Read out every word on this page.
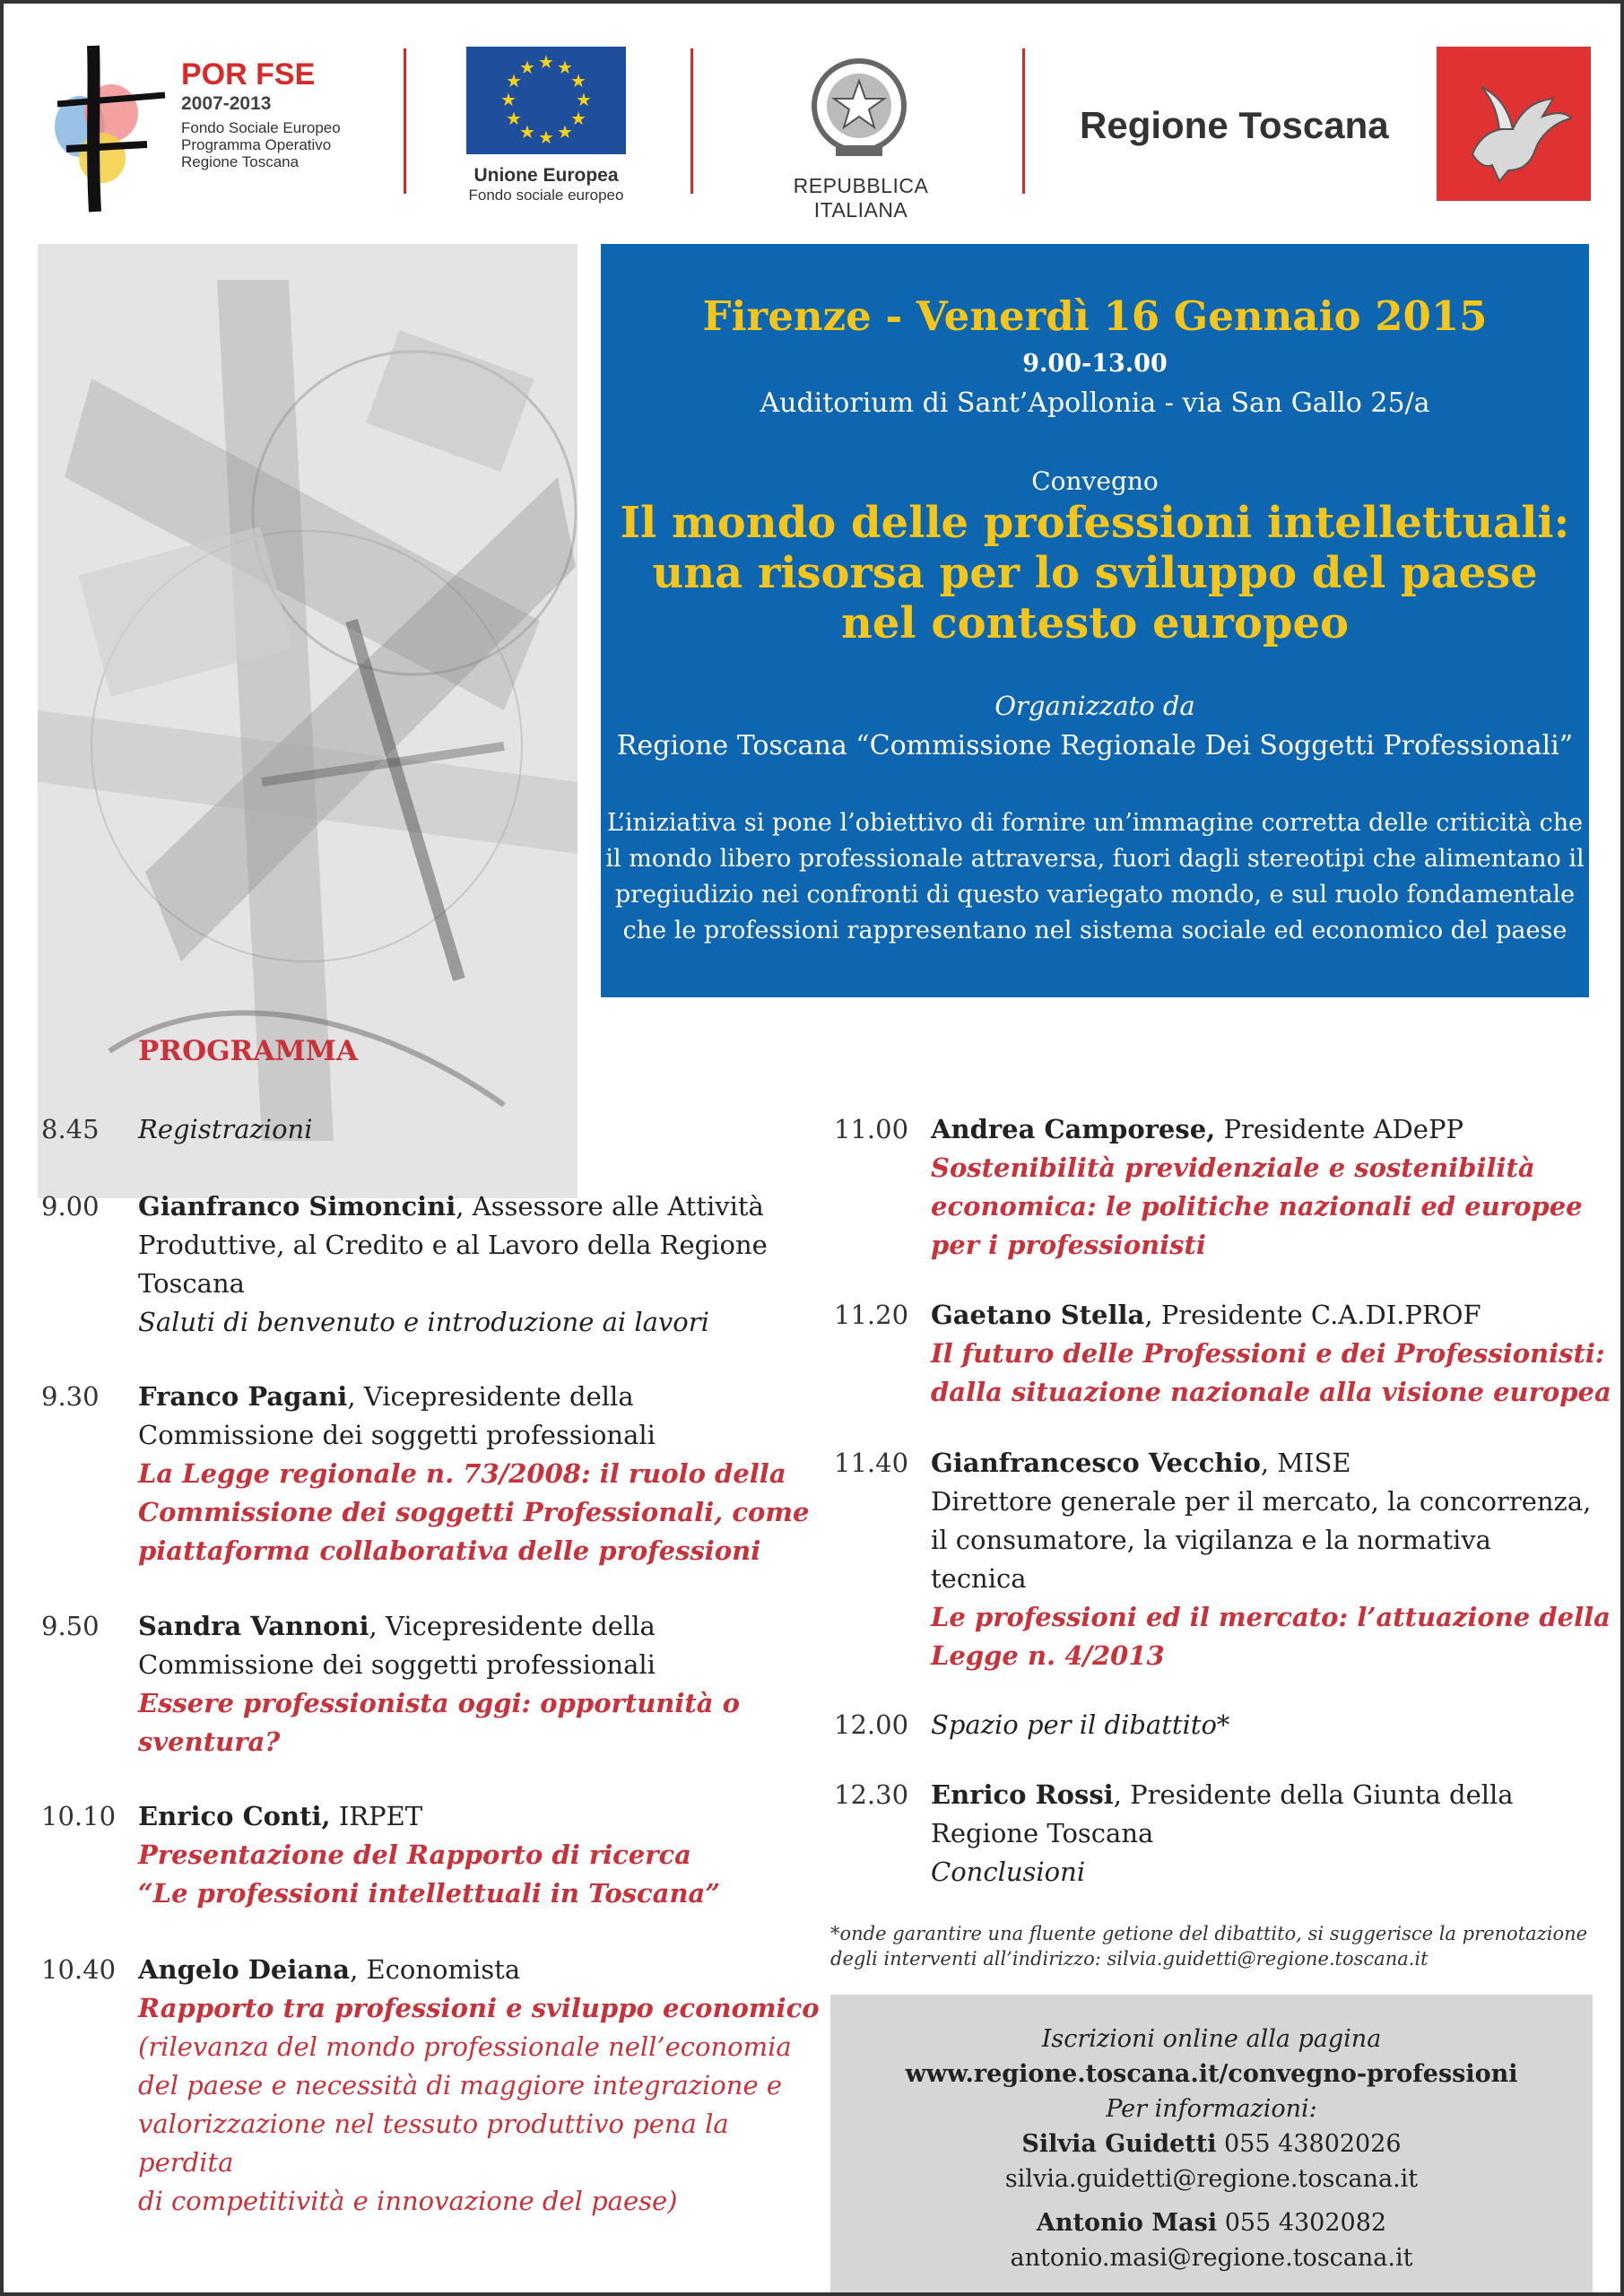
POR FSE
2007-2013
Fondo Sociale Europeo
Programma Operativo
Regione Toscana
★ ★
★
★
★
★
★
★
★
★
★
★
Unione Europea
Fondo sociale europeo	REPUBBLICA ITALIANA
Regione Toscana
Firenze - Venerdì 16 Gennaio 2015
9.00-13.00
Auditorium di Sant’Apollonia - via San Gallo 25/a
Convegno
Il mondo delle professioni intellettuali:
una risorsa per lo sviluppo del paese
nel contesto europeo
Organizzato da
Regione Toscana “Commissione Regionale Dei Soggetti Professionali”
L’iniziativa si pone l’obiettivo di fornire un’immagine corretta delle criticità che
il mondo libero professionale attraversa, fuori dagli stereotipi che alimentano il
pregiudizio nei confronti di questo variegato mondo, e sul ruolo fondamentale
che le professioni rappresentano nel sistema sociale ed economico del paese
PROGRAMMA
8.45 Registrazioni
9.00 Gianfranco Simoncini, Assessore alle Attività
Produttive, al Credito e al Lavoro della Regione
Toscana
Saluti di benvenuto e introduzione ai lavori
9.30 Franco Pagani, Vicepresidente della
Commissione dei soggetti professionali
La Legge regionale n. 73/2008: il ruolo della
Commissione dei soggetti Professionali, come
piattaforma collaborativa delle professioni
9.50 Sandra Vannoni, Vicepresidente della
Commissione dei soggetti professionali
Essere professionista oggi: opportunità o
sventura?
10.10 Enrico Conti, IRPET
Presentazione del Rapporto di ricerca
“Le professioni intellettuali in Toscana”
10.40 Angelo Deiana, Economista
Rapporto tra professioni e sviluppo economico
(rilevanza del mondo professionale nell’economia
del paese e necessità di maggiore integrazione e
valorizzazione nel tessuto produttivo pena la perdita
di competitività e innovazione del paese)
11.00 Andrea Camporese, Presidente ADePP
Sostenibilità previdenziale e sostenibilità
economica: le politiche nazionali ed europee
per i professionisti
11.20 Gaetano Stella, Presidente C.A.DI.PROF
Il futuro delle Professioni e dei Professionisti:
dalla situazione nazionale alla visione europea
11.40 Gianfrancesco Vecchio, MISE
Direttore generale per il mercato, la concorrenza,
il consumatore, la vigilanza e la normativa
tecnica
Le professioni ed il mercato: l’attuazione della
Legge n. 4/2013
12.00 Spazio per il dibattito*
12.30 Enrico Rossi, Presidente della Giunta della
Regione Toscana
Conclusioni
*onde garantire una fluente getione del dibattito, si suggerisce la prenotazione
degli interventi all’indirizzo: silvia.guidetti@regione.toscana.it
Iscrizioni online alla pagina
www.regione.toscana.it/convegno-professioni
Per informazioni:
Silvia Guidetti 055 43802026
silvia.guidetti@regione.toscana.it
Antonio Masi 055 4302082
antonio.masi@regione.toscana.it
